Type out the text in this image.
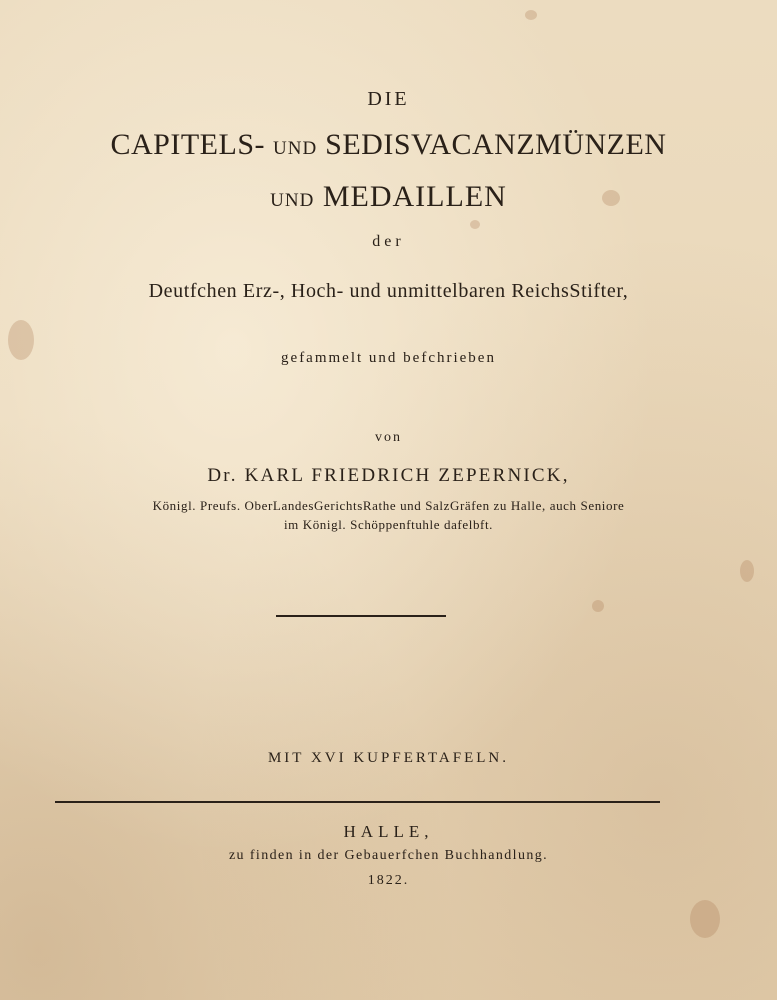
DIE
CAPITELS- UND SEDISVACANZMÜNZEN
UND MEDAILLEN
der
Deutfchen Erz-, Hoch- und unmittelbaren ReichsStifter,
gefammelt und befchrieben
von
Dr. KARL FRIEDRICH ZEPERNICK,
Königl. Preufs. OberLandesGerichtsRathe und SalzGräfen zu Halle, auch Seniore
im Königl. Schöppenftuhle dafelbft.
MIT XVI KUPFERTAFELN.
HALLE,
zu finden in der Gebauerfchen Buchhandlung.
1822.
